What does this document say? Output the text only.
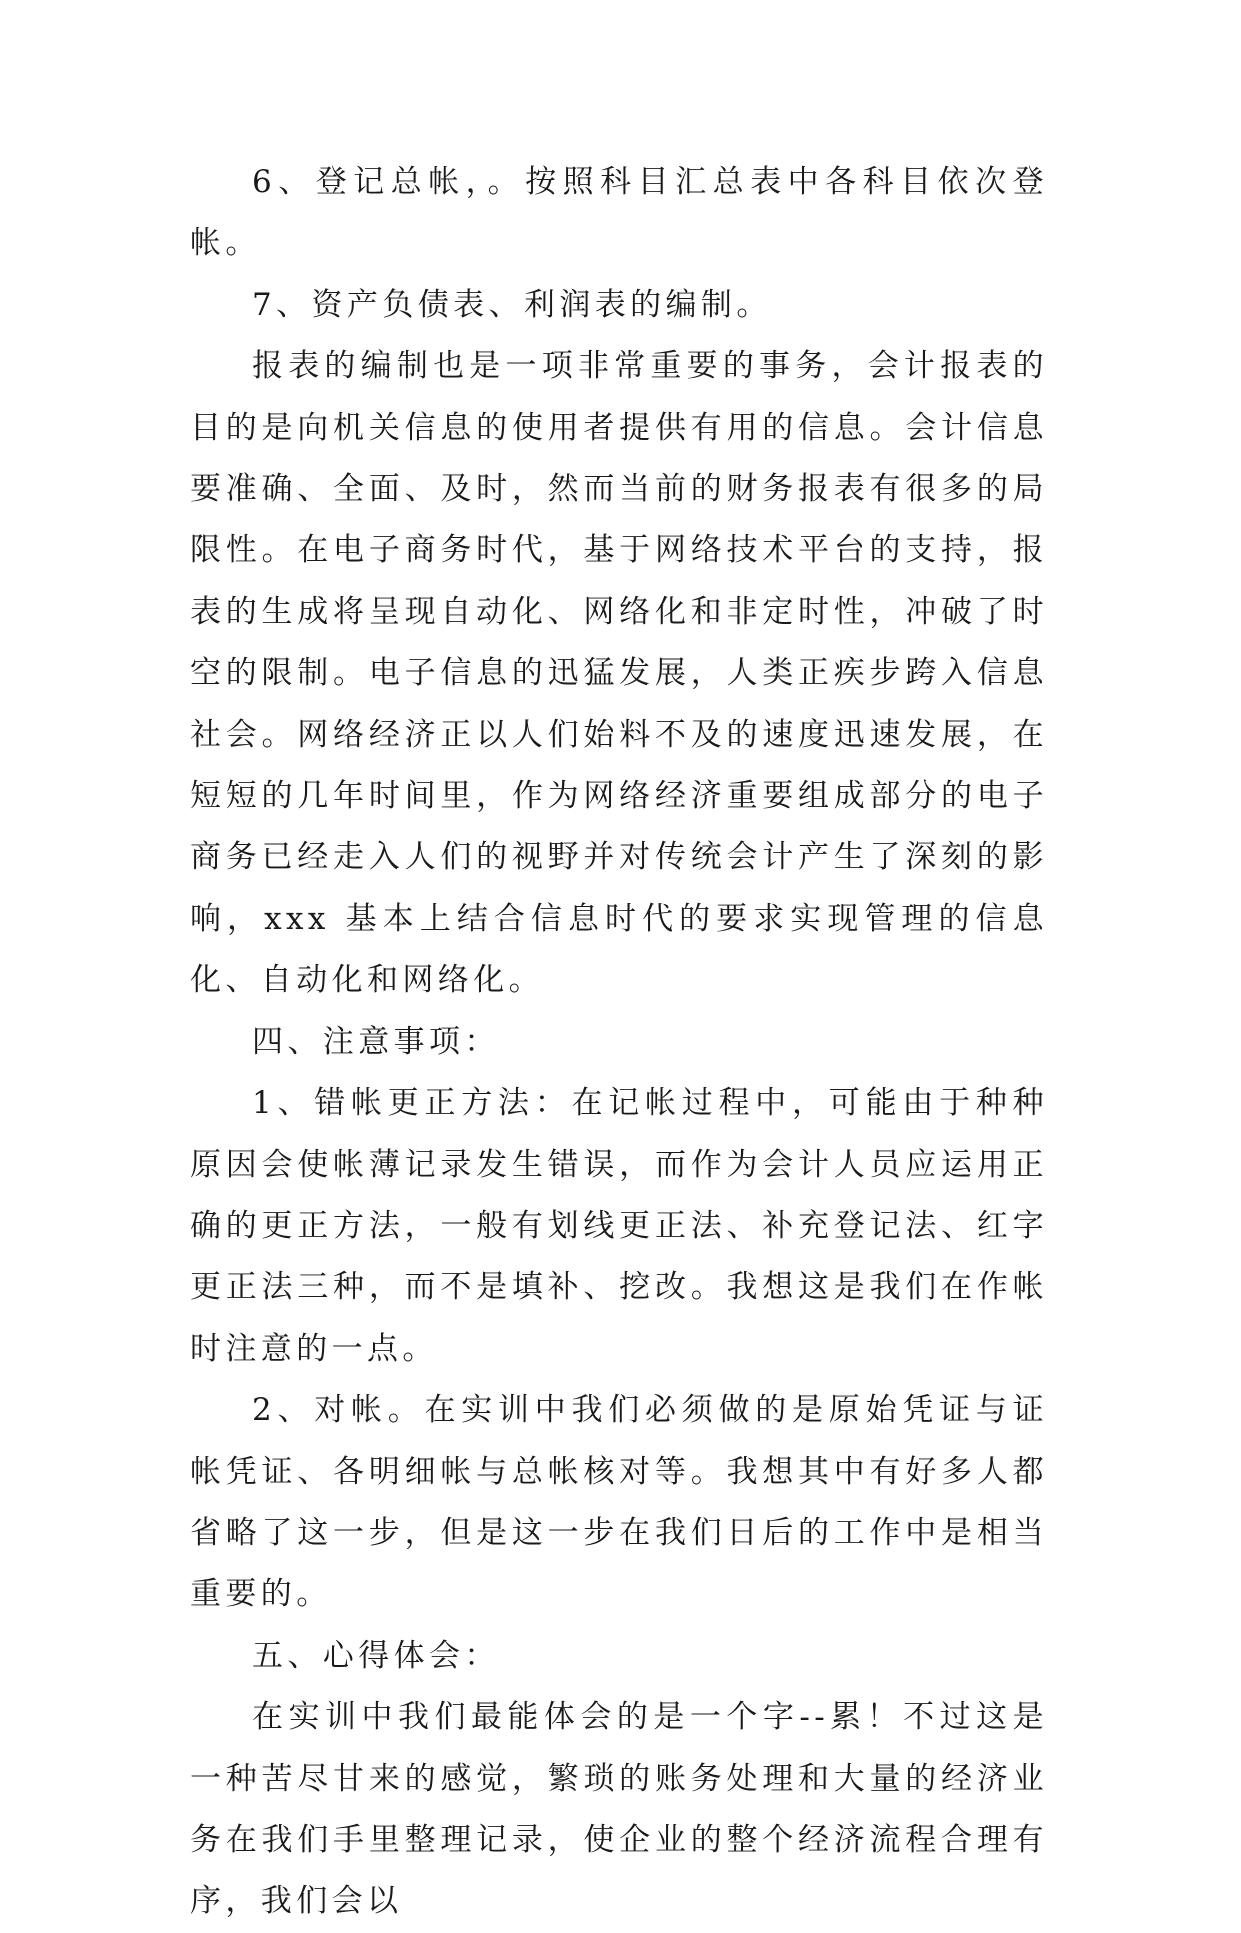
6、登记总帐，。按照科目汇总表中各科目依次登帐。

7、资产负债表、利润表的编制。

报表的编制也是一项非常重要的事务，会计报表的目的是向机关信息的使用者提供有用的信息。会计信息要准确、全面、及时，然而当前的财务报表有很多的局限性。在电子商务时代，基于网络技术平台的支持，报表的生成将呈现自动化、网络化和非定时性，冲破了时空的限制。电子信息的迅猛发展，人类正疾步跨入信息社会。网络经济正以人们始料不及的速度迅速发展，在短短的几年时间里，作为网络经济重要组成部分的电子商务已经走入人们的视野并对传统会计产生了深刻的影响，xxx 基本上结合信息时代的要求实现管理的信息化、自动化和网络化。

四、注意事项：

1、错帐更正方法：在记帐过程中，可能由于种种原因会使帐薄记录发生错误，而作为会计人员应运用正确的更正方法，一般有划线更正法、补充登记法、红字更正法三种，而不是填补、挖改。我想这是我们在作帐时注意的一点。

2、对帐。在实训中我们必须做的是原始凭证与证帐凭证、各明细帐与总帐核对等。我想其中有好多人都省略了这一步，但是这一步在我们日后的工作中是相当重要的。

五、心得体会：

在实训中我们最能体会的是一个字--累！不过这是一种苦尽甘来的感觉，繁琐的账务处理和大量的经济业务在我们手里整理记录，使企业的整个经济流程合理有序，我们会以
